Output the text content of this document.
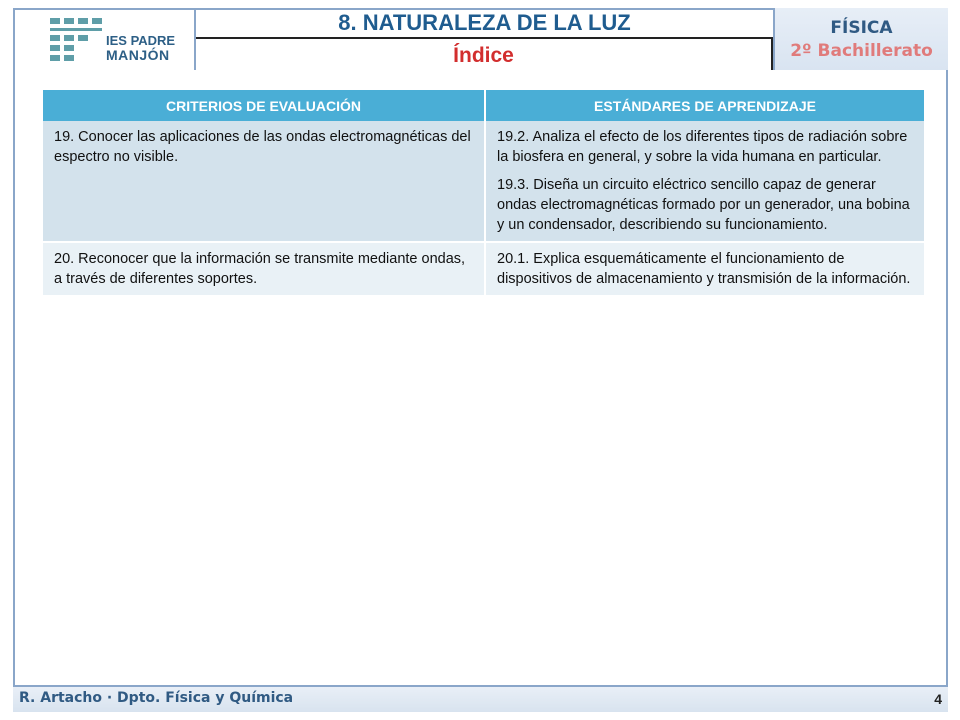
IES PADRE
MANJÓN
8. NATURALEZA DE LA LUZ
Índice
FÍSICA
2º Bachillerato
CRITERIOS DE EVALUACIÓN	ESTÁNDARES DE APRENDIZAJE

19. Conocer las aplicaciones de las ondas electromagnéticas del espectro no visible.	19.2. Analiza el efecto de los diferentes tipos de radiación sobre la biosfera en general, y sobre la vida humana en particular.

19.3. Diseña un circuito eléctrico sencillo capaz de generar ondas electromagnéticas formado por un generador, una bobina y un condensador, describiendo su funcionamiento.

20. Reconocer que la información se transmite mediante ondas, a través de diferentes soportes.	20.1. Explica esquemáticamente el funcionamiento de dispositivos de almacenamiento y transmisión de la información.

R. Artacho · Dpto. Física y Química	4
